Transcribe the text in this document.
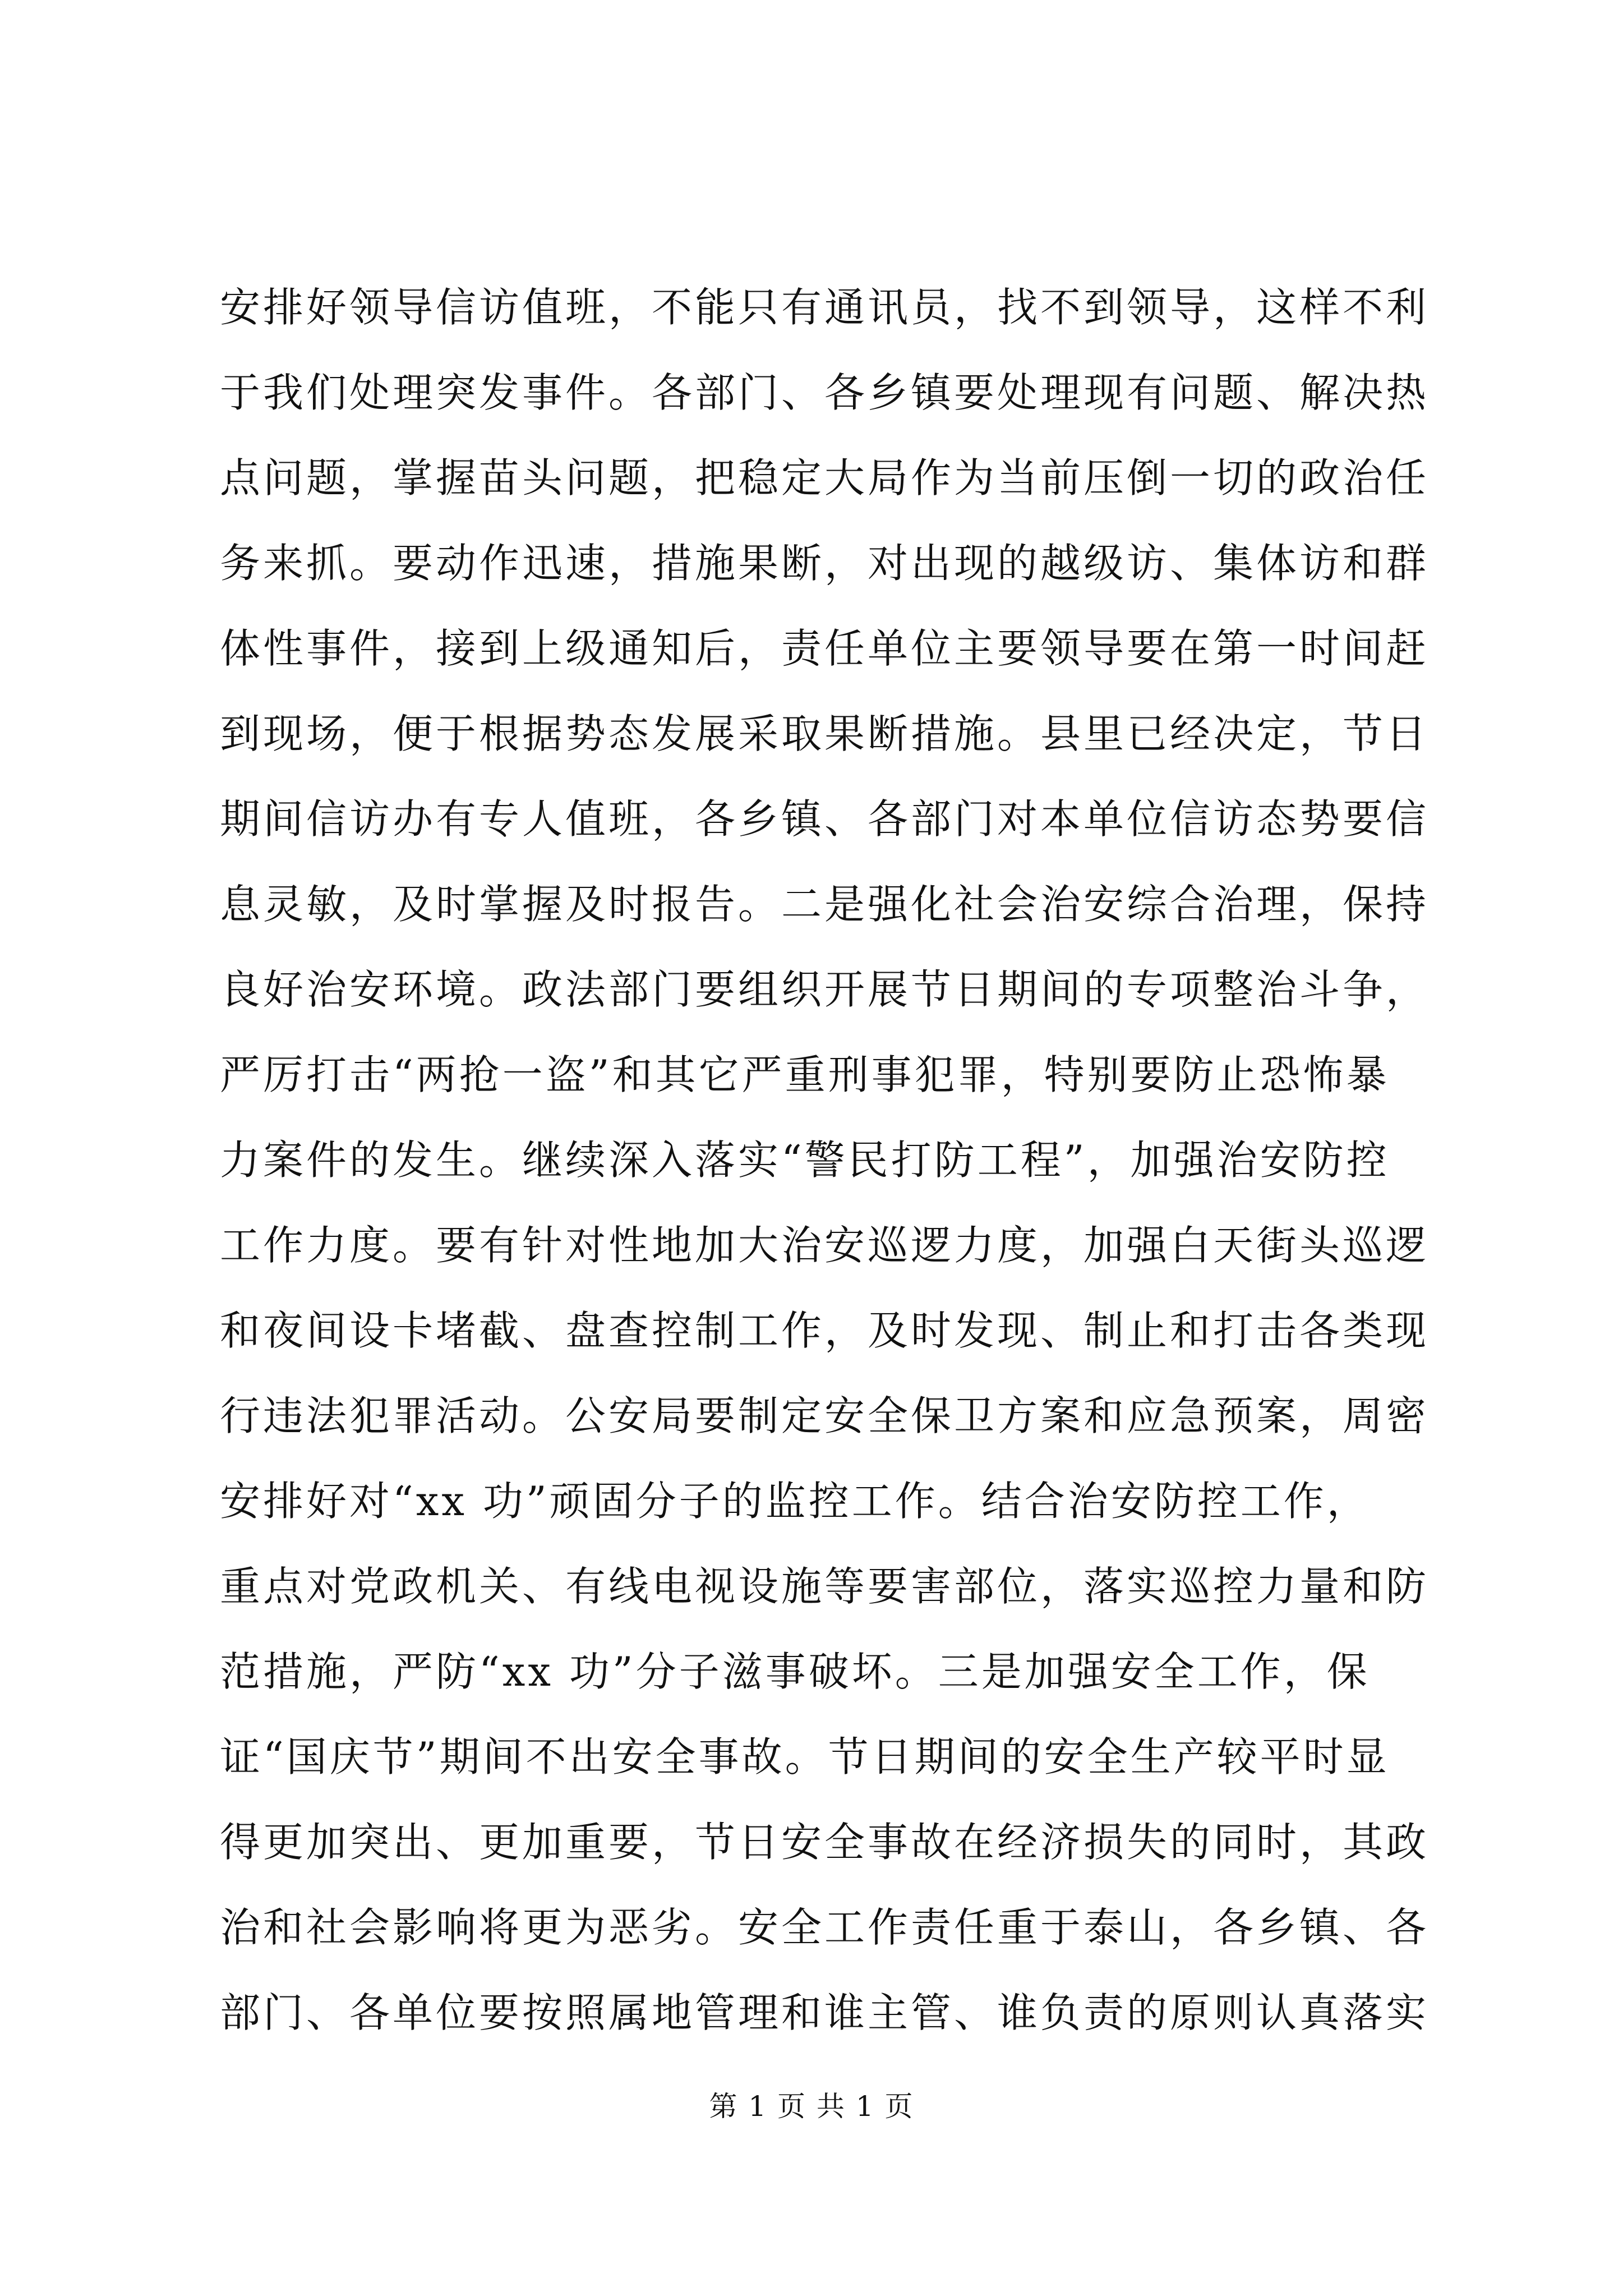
安排好领导信访值班，不能只有通讯员，找不到领导，这样不利
于我们处理突发事件。各部门、各乡镇要处理现有问题、解决热
点问题，掌握苗头问题，把稳定大局作为当前压倒一切的政治任
务来抓。要动作迅速，措施果断，对出现的越级访、集体访和群
体性事件，接到上级通知后，责任单位主要领导要在第一时间赶
到现场，便于根据势态发展采取果断措施。县里已经决定，节日
期间信访办有专人值班，各乡镇、各部门对本单位信访态势要信
息灵敏，及时掌握及时报告。二是强化社会治安综合治理，保持
良好治安环境。政法部门要组织开展节日期间的专项整治斗争，
严厉打击“两抢一盗”和其它严重刑事犯罪，特别要防止恐怖暴
力案件的发生。继续深入落实“警民打防工程”，加强治安防控
工作力度。要有针对性地加大治安巡逻力度，加强白天街头巡逻
和夜间设卡堵截、盘查控制工作，及时发现、制止和打击各类现
行违法犯罪活动。公安局要制定安全保卫方案和应急预案，周密
安排好对“xx 功”顽固分子的监控工作。结合治安防控工作，
重点对党政机关、有线电视设施等要害部位，落实巡控力量和防
范措施，严防“xx 功”分子滋事破坏。三是加强安全工作，保
证“国庆节”期间不出安全事故。节日期间的安全生产较平时显
得更加突出、更加重要，节日安全事故在经济损失的同时，其政
治和社会影响将更为恶劣。安全工作责任重于泰山，各乡镇、各
部门、各单位要按照属地管理和谁主管、谁负责的原则认真落实
第 1 页 共 1 页
